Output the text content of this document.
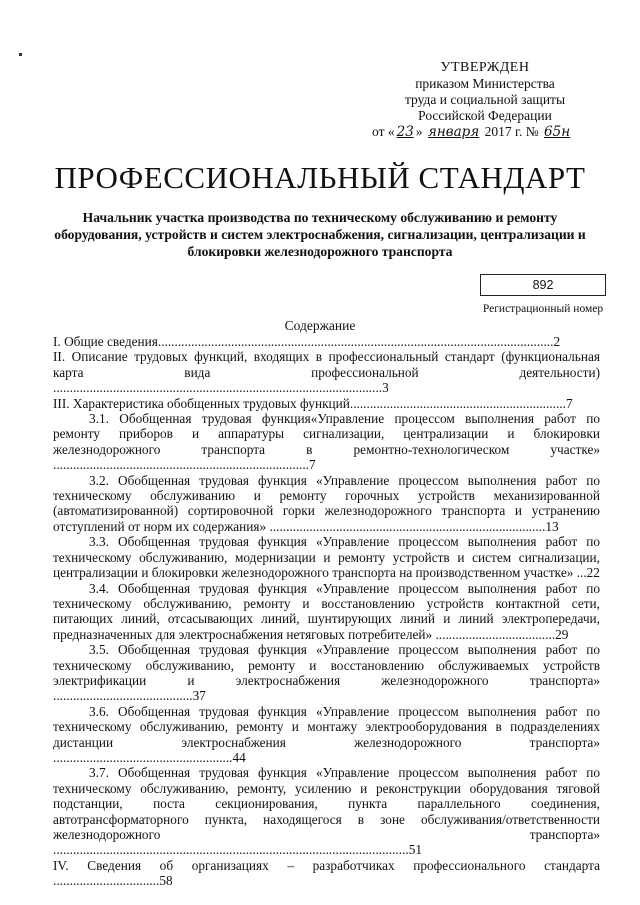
УТВЕРЖДЕН
приказом Министерства
труда и социальной защиты
Российской Федерации
от « 23 » января 2017 г. № 65н
ПРОФЕССИОНАЛЬНЫЙ СТАНДАРТ
Начальник участка производства по техническому обслуживанию и ремонту оборудования, устройств и систем электроснабжения, сигнализации, централизации и блокировки железнодорожного транспорта
892
Регистрационный номер
Содержание

I. Общие сведения.......................................................................................................................2

II. Описание трудовых функций, входящих в профессиональный стандарт (функциональная карта вида профессиональной деятельности) ...................................................................................................3

III. Характеристика обобщенных трудовых функций.................................................................7

3.1. Обобщенная трудовая функция«Управление процессом выполнения работ по ремонту приборов и аппаратуры сигнализации, централизации и блокировки железнодорожного транспорта в ремонтно-технологическом участке» .............................................................................7

3.2. Обобщенная трудовая функция «Управление процессом выполнения работ по техническому обслуживанию и ремонту горочных устройств механизированной (автоматизированной) сортировочной горки железнодорожного транспорта и устранению отступлений от норм их содержания» ...................................................................................13

3.3. Обобщенная трудовая функция «Управление процессом выполнения работ по техническому обслуживанию, модернизации и ремонту устройств и систем сигнализации, централизации и блокировки железнодорожного транспорта на производственном участке» ...22

3.4. Обобщенная трудовая функция «Управление процессом выполнения работ по техническому обслуживанию, ремонту и восстановлению устройств контактной сети, питающих линий, отсасывающих линий, шунтирующих линий и линий электропередачи, предназначенных для электроснабжения нетяговых потребителей» ....................................29

3.5. Обобщенная трудовая функция «Управление процессом выполнения работ по техническому обслуживанию, ремонту и восстановлению обслуживаемых устройств электрификации и электроснабжения железнодорожного транспорта» ..........................................37

3.6. Обобщенная трудовая функция «Управление процессом выполнения работ по техническому обслуживанию, ремонту и монтажу электрооборудования в подразделениях дистанции электроснабжения железнодорожного транспорта» ......................................................44

3.7. Обобщенная трудовая функция «Управление процессом выполнения работ по техническому обслуживанию, ремонту, усилению и реконструкции оборудования тяговой подстанции, поста секционирования, пункта параллельного соединения, автотрансформаторного пункта, находящегося в зоне обслуживания/ответственности железнодорожного транспорта» ...........................................................................................................51

IV. Сведения об организациях – разработчиках профессионального стандарта ................................58
